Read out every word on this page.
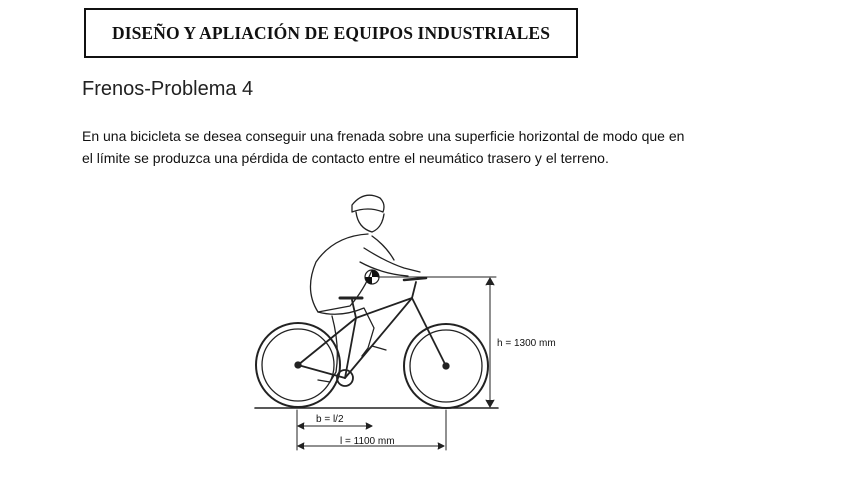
DISEÑO Y APLIACIÓN DE EQUIPOS INDUSTRIALES
Frenos-Problema 4

En una bicicleta se desea conseguir una frenada sobre una superficie horizontal de modo que en

el límite se produzca una pérdida de contacto entre el neumático trasero y el terreno.

h = 1300 mm
b = l/2
l = 1100 mm
